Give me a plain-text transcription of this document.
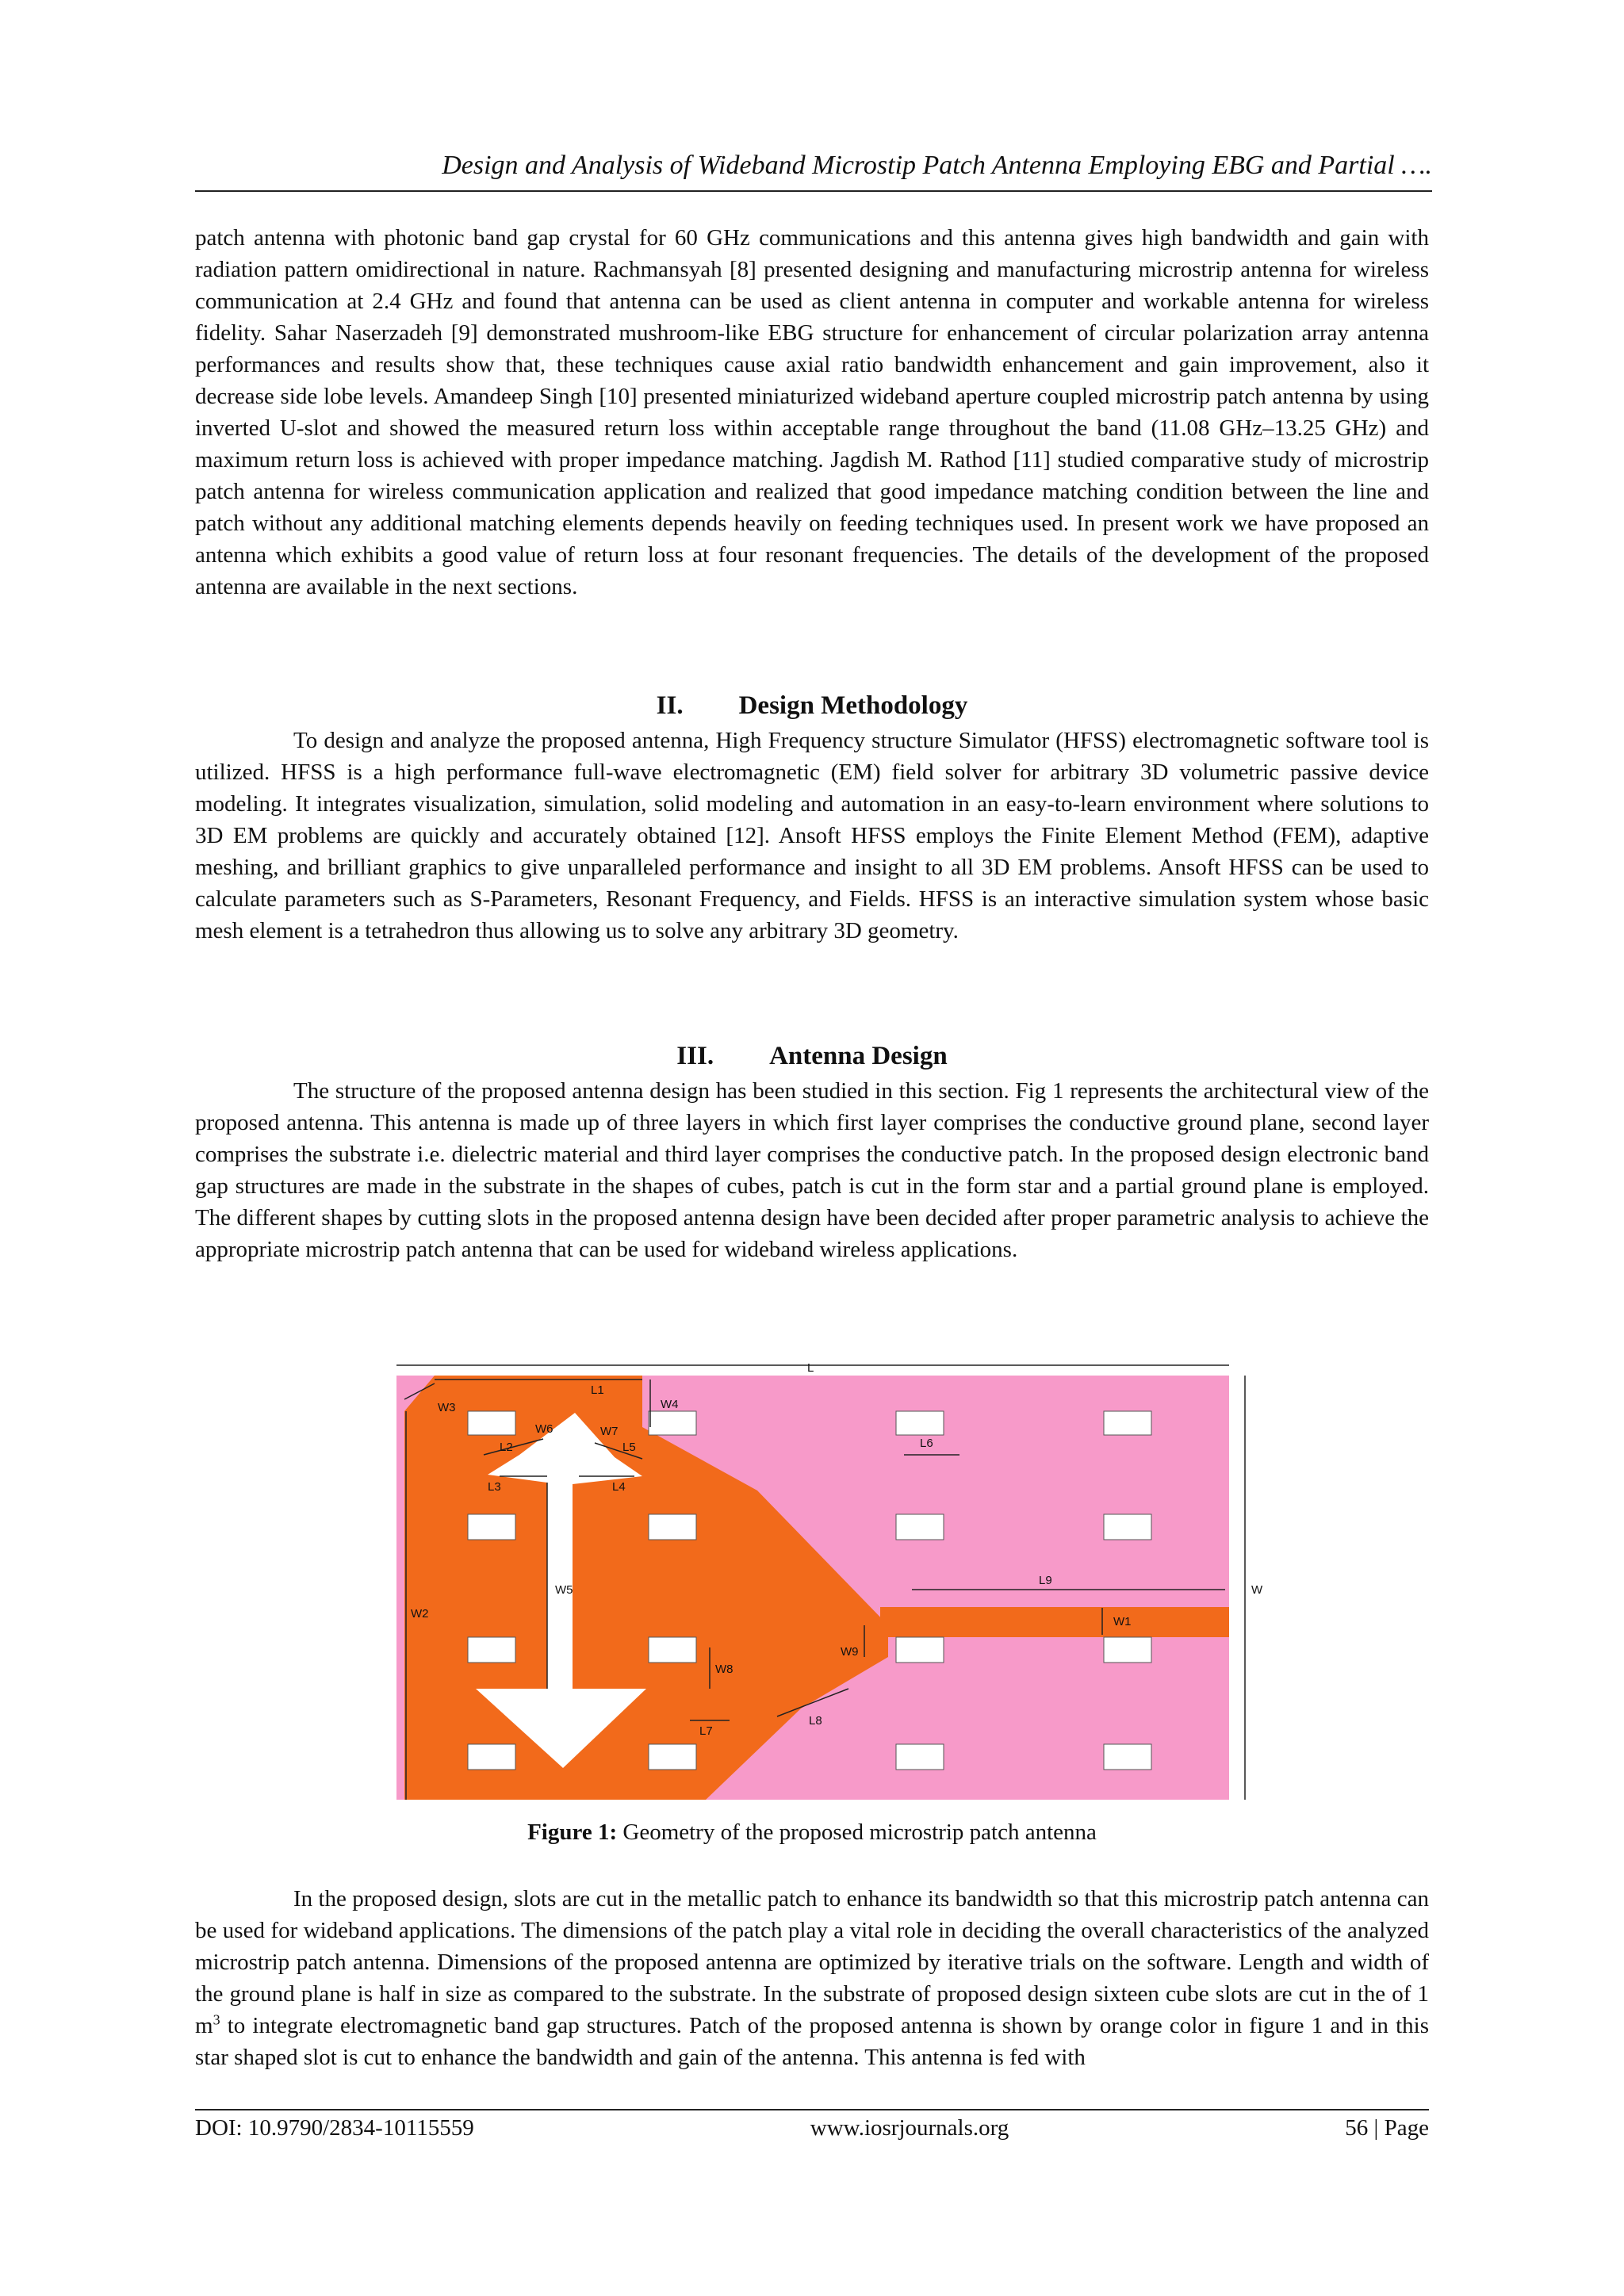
Design and Analysis of Wideband Microstip Patch Antenna Employing EBG and Partial ….

patch antenna with photonic band gap crystal for 60 GHz communications and this antenna gives high bandwidth and gain with radiation pattern omidirectional in nature. Rachmansyah [8] presented designing and manufacturing microstrip antenna for wireless communication at 2.4 GHz and found that antenna can be used as client antenna in computer and workable antenna for wireless fidelity. Sahar Naserzadeh [9] demonstrated mushroom-like EBG structure for enhancement of circular polarization array antenna performances and results show that, these techniques cause axial ratio bandwidth enhancement and gain improvement, also it decrease side lobe levels. Amandeep Singh [10] presented miniaturized wideband aperture coupled microstrip patch antenna by using inverted U-slot and showed the measured return loss within acceptable range throughout the band (11.08 GHz–13.25 GHz) and maximum return loss is achieved with proper impedance matching. Jagdish M. Rathod [11] studied comparative study of microstrip patch antenna for wireless communication application and realized that good impedance matching condition between the line and patch without any additional matching elements depends heavily on feeding techniques used. In present work we have proposed an antenna which exhibits a good value of return loss at four resonant frequencies. The details of the development of the proposed antenna are available in the next sections.

II. Design Methodology

To design and analyze the proposed antenna, High Frequency structure Simulator (HFSS) electromagnetic software tool is utilized. HFSS is a high performance full-wave electromagnetic (EM) field solver for arbitrary 3D volumetric passive device modeling. It integrates visualization, simulation, solid modeling and automation in an easy-to-learn environment where solutions to 3D EM problems are quickly and accurately obtained [12]. Ansoft HFSS employs the Finite Element Method (FEM), adaptive meshing, and brilliant graphics to give unparalleled performance and insight to all 3D EM problems. Ansoft HFSS can be used to calculate parameters such as S-Parameters, Resonant Frequency, and Fields. HFSS is an interactive simulation system whose basic mesh element is a tetrahedron thus allowing us to solve any arbitrary 3D geometry.

III. Antenna Design

The structure of the proposed antenna design has been studied in this section. Fig 1 represents the architectural view of the proposed antenna. This antenna is made up of three layers in which first layer comprises the conductive ground plane, second layer comprises the substrate i.e. dielectric material and third layer comprises the conductive patch. In the proposed design electronic band gap structures are made in the substrate in the shapes of cubes, patch is cut in the form star and a partial ground plane is employed. The different shapes by cutting slots in the proposed antenna design have been decided after proper parametric analysis to achieve the appropriate microstrip patch antenna that can be used for wideband wireless applications.

L
W
L1
W3	W4
W6	W7
L2	L5
L3	L4
L6
L9
W1
W2
W5
W8
W9
L7
L8
Figure 1: Geometry of the proposed microstrip patch antenna

In the proposed design, slots are cut in the metallic patch to enhance its bandwidth so that this microstrip patch antenna can be used for wideband applications. The dimensions of the patch play a vital role in deciding the overall characteristics of the analyzed microstrip patch antenna. Dimensions of the proposed antenna are optimized by iterative trials on the software. Length and width of the ground plane is half in size as compared to the substrate. In the substrate of proposed design sixteen cube slots are cut in the of 1 $m^3$ to integrate electromagnetic band gap structures. Patch of the proposed antenna is shown by orange color in figure 1 and in this star shaped slot is cut to enhance the bandwidth and gain of the antenna. This antenna is fed with

DOI: 10.9790/2834-10115559	www.iosrjournals.org	56 | Page
